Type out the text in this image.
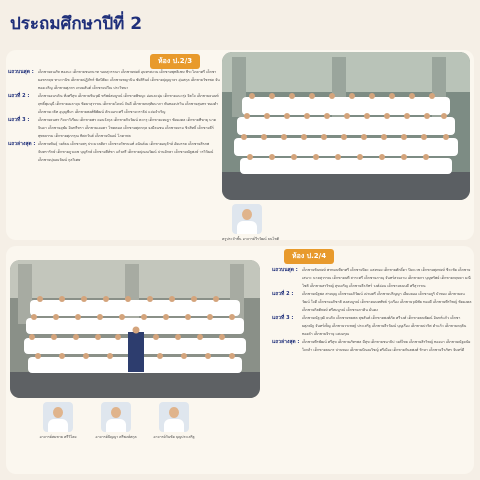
ประถมศึกษาปีที่ 2
ห้อง ป.2/3
แถวบนสุด :	เด็กชายธนภัท ทองนะ เด็กชายชนกนาท รอดสุวรรณา เด็กชายพงศ์ อุนทรสงวน เด็กชายพุทธิเชษ ชีระโภคาศรี เด็กชายอชรกฤษ ทางวานิช เด็กชายปฏิภัทร์ ฟัลปิติยะ เด็กชายชญานิน ชัยสิรินธ์ เด็กชายปุญญาธร อุ่นสกุล เด็กชายวัชรพล จันทองเจริญ เด็กชายศุภกร เกษมสันต์ เด็กชายปวีณ ประวิทนา
แถวที่ 2 :	เด็กชายอนรภัณ ทั่งศรีสุข เด็กชายชินวุฒิ ทรัพย์สมบูรณ์ เด็กชายพิชญะ อ่อนละมุ่ม เด็กชายแนวรุ่ง จิตใจ เด็กชายธนนท์ ฤทธิ์พุมนุนี่ เด็กชายเมลาจุบ ชิดยาสุวรรณ เด็กชายโลจน์ จันดี เด็กชายหฤทัยนาภา พันทองปรวิน เด็กชายสุนทร ทองคำ เด็กชายเวธิท อุบุญชีมา เด็กชายพงศ์พิพัฒน์ ลักเบอระศรี เด็กชายวราธิป แจ่มจำเริญ
แถวที่ 3 :	เด็กชายธนพร กิจจาวิเรียม เด็กชายพร ดอนวังกุล เด็กชายกิจวัฒน์ ตะกรุ เด็กชายเจษฎา ชัยมงคล เด็กชายทีฆายุ นาคจินดา เด็กชายอุฬม อินทรีหรา เด็กชายเอมตา โชคคมล เด็กชายศุภกฤษ จงมีธนชน เด็กชายยาม ชิวสิทธิ์ เด็กชายธีร์ พุทธธรรม เด็กชายศุภกรุณ ทิศภวันต์ เด็กชายปัณณ์ โภคาพล
แถวล่างสุด : เด็กชายพันธุ์ วงศ์ธน เด็กชายสรุ ประมวลศิลา เด็กชายวัชรนนท์ อนันต์เม เด็กชายอนุรักษ์ อัยมรรค เด็กชายสิรภพ จันทรารักษ์ เด็กชายภูวเดช บุญรักษ์ เด็กชายสีห์ชา แก้วศรี เด็กชายปุณณวัฒน์ ปานยักษา เด็กชายณัฐพงษ์ วรวิวัฒน์ เด็กชายปุณณวัฒน์ กุลวิเศษ
ครูประจำชั้น อาจารย์วีรวัฒน์ ธนโชติ
ห้อง ป.2/4
แถวบนสุด :	เด็กชายชินพงษ์ พรหมนทียาศรี เด็กชายปิยะ แสงทอง เด็กชายศักดิ์ดา ปิยะเวช เด็กชายศุภพงษ์ ชีวะชัย เด็กชายเสนาะ นาคสุวรรณ เด็กชายนที สาระศรี เด็กชายภาณุ จันทร์สวยงาม เด็กชายกร บุญทรัพย์ เด็กชายกฤษดา มณีโชติ เด็กชายสรวิชญ์ สุขเจริญ เด็กชายธีรภัทร์ วงศ์อ่อน เด็กชายธนบดี ศรีสุวรรณ
แถวที่ 2 :	เด็กชายณัฐพล สายบุญ เด็กชายอภิวัฒน์ เปรมศรี เด็กชายปริญญา เอี่ยมลออ เด็กชายภูริ บัวทอง เด็กชายธนวัฒน์ ใจดี เด็กชายอภิชาติ คงสมบูรณ์ เด็กชายนนทพัทธ์ รุ่งเรือง เด็กชายวุฒิชัย ทองดี เด็กชายพีรวิชญ์ ชัยมงคล เด็กชายกิตติพงษ์ ศรีสมบูรณ์ เด็กชายภาคิน มั่นคง
แถวที่ 3 :	เด็กชายณัฐวุฒิ ธนกิจ เด็กชายชยพล สุขสันต์ เด็กชายพงศ์ภัค ศรีวงศ์ เด็กชายธนพัฒน์ อินทร์แก้ว เด็กชายศุภณัฐ จันทร์เพ็ญ เด็กชายวรเชษฐ์ ประเสริฐ เด็กชายธีรวัฒน์ บุญเรือง เด็กชายปวริศ คำแก้ว เด็กชายกฤติน ทองคำ เด็กชายจิรายุ แสงอรุณ
แถวล่างสุด : เด็กชายพีรพัฒน์ ศรีสุข เด็กชายภัทรพล มีสุข เด็กชายชนาธิป วงศ์ไทย เด็กชายสิรวิชญ์ ทองมา เด็กชายณัฐดนัย ใจกล้า เด็กชายธนกร ปานทอง เด็กชายปัณณวิชญ์ ศรีเมือง เด็กชายกันตพงศ์ รักษา เด็กชายวีรภัทร จันทร์ดี
อาจารย์สมชาย ศรีวิไลย	อาจารย์ปัญญา ศรีพงษ์สกุล	อาจารย์วันชัย บุญประเสริฐ
